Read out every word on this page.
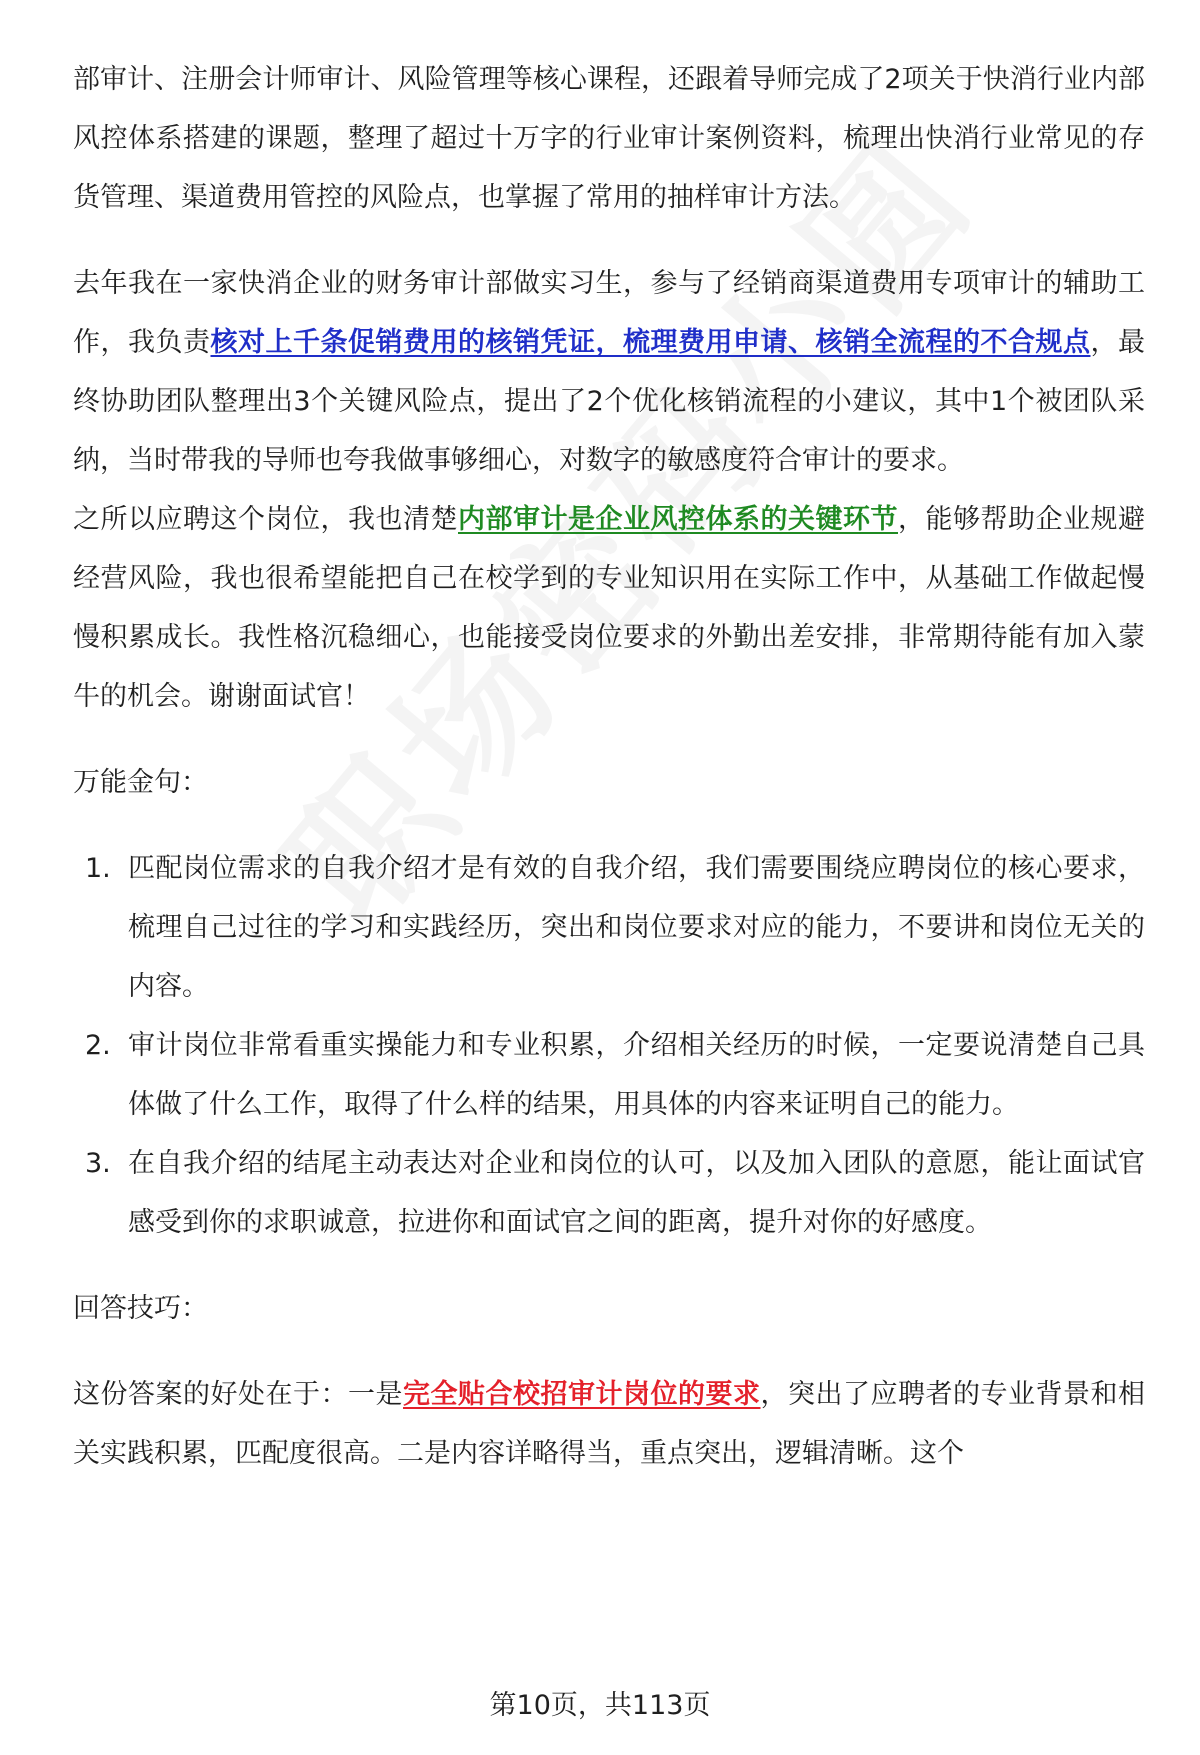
部审计、注册会计师审计、风险管理等核心课程，还跟着导师完成了2项关于快消行业内部风控体系搭建的课题，整理了超过十万字的行业审计案例资料，梳理出快消行业常见的存货管理、渠道费用管控的风险点，也掌握了常用的抽样审计方法。

去年我在一家快消企业的财务审计部做实习生，参与了经销商渠道费用专项审计的辅助工作，我负责核对上千条促销费用的核销凭证，梳理费用申请、核销全流程的不合规点，最终协助团队整理出3个关键风险点，提出了2个优化核销流程的小建议，其中1个被团队采纳，当时带我的导师也夸我做事够细心，对数字的敏感度符合审计的要求。

之所以应聘这个岗位，我也清楚内部审计是企业风控体系的关键环节，能够帮助企业规避经营风险，我也很希望能把自己在校学到的专业知识用在实际工作中，从基础工作做起慢慢积累成长。我性格沉稳细心，也能接受岗位要求的外勤出差安排，非常期待能有加入蒙牛的机会。谢谢面试官！

万能金句：

1. 匹配岗位需求的自我介绍才是有效的自我介绍，我们需要围绕应聘岗位的核心要求，梳理自己过往的学习和实践经历，突出和岗位要求对应的能力，不要讲和岗位无关的内容。
2. 审计岗位非常看重实操能力和专业积累，介绍相关经历的时候，一定要说清楚自己具体做了什么工作，取得了什么样的结果，用具体的内容来证明自己的能力。
3. 在自我介绍的结尾主动表达对企业和岗位的认可，以及加入团队的意愿，能让面试官感受到你的求职诚意，拉进你和面试官之间的距离，提升对你的好感度。

回答技巧：

这份答案的好处在于：一是完全贴合校招审计岗位的要求，突出了应聘者的专业背景和相关实践积累，匹配度很高。二是内容详略得当，重点突出，逻辑清晰。这个

第10页，共113页
